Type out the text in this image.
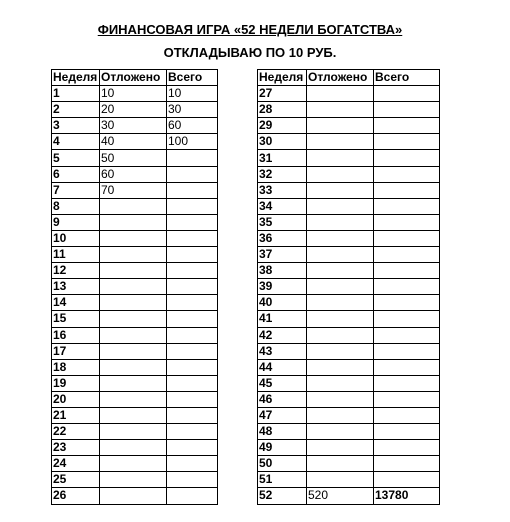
ФИНАНСОВАЯ ИГРА «52 НЕДЕЛИ БОГАТСТВА»
ОТКЛАДЫВАЮ ПО 10 РУБ.
Неделя	Отложено	Всего
1	10	10
2	20	30
3	30	60
4	40	100
5	50	
6	60	
7	70	
8		
9		
10		
11		
12		
13		
14		
15		
16		
17		
18		
19		
20		
21		
22		
23		
24		
25		
26		
Неделя	Отложено	Всего
27		
28		
29		
30		
31		
32		
33		
34		
35		
36		
37		
38		
39		
40		
41		
42		
43		
44		
45		
46		
47		
48		
49		
50		
51		
52	520	13780
